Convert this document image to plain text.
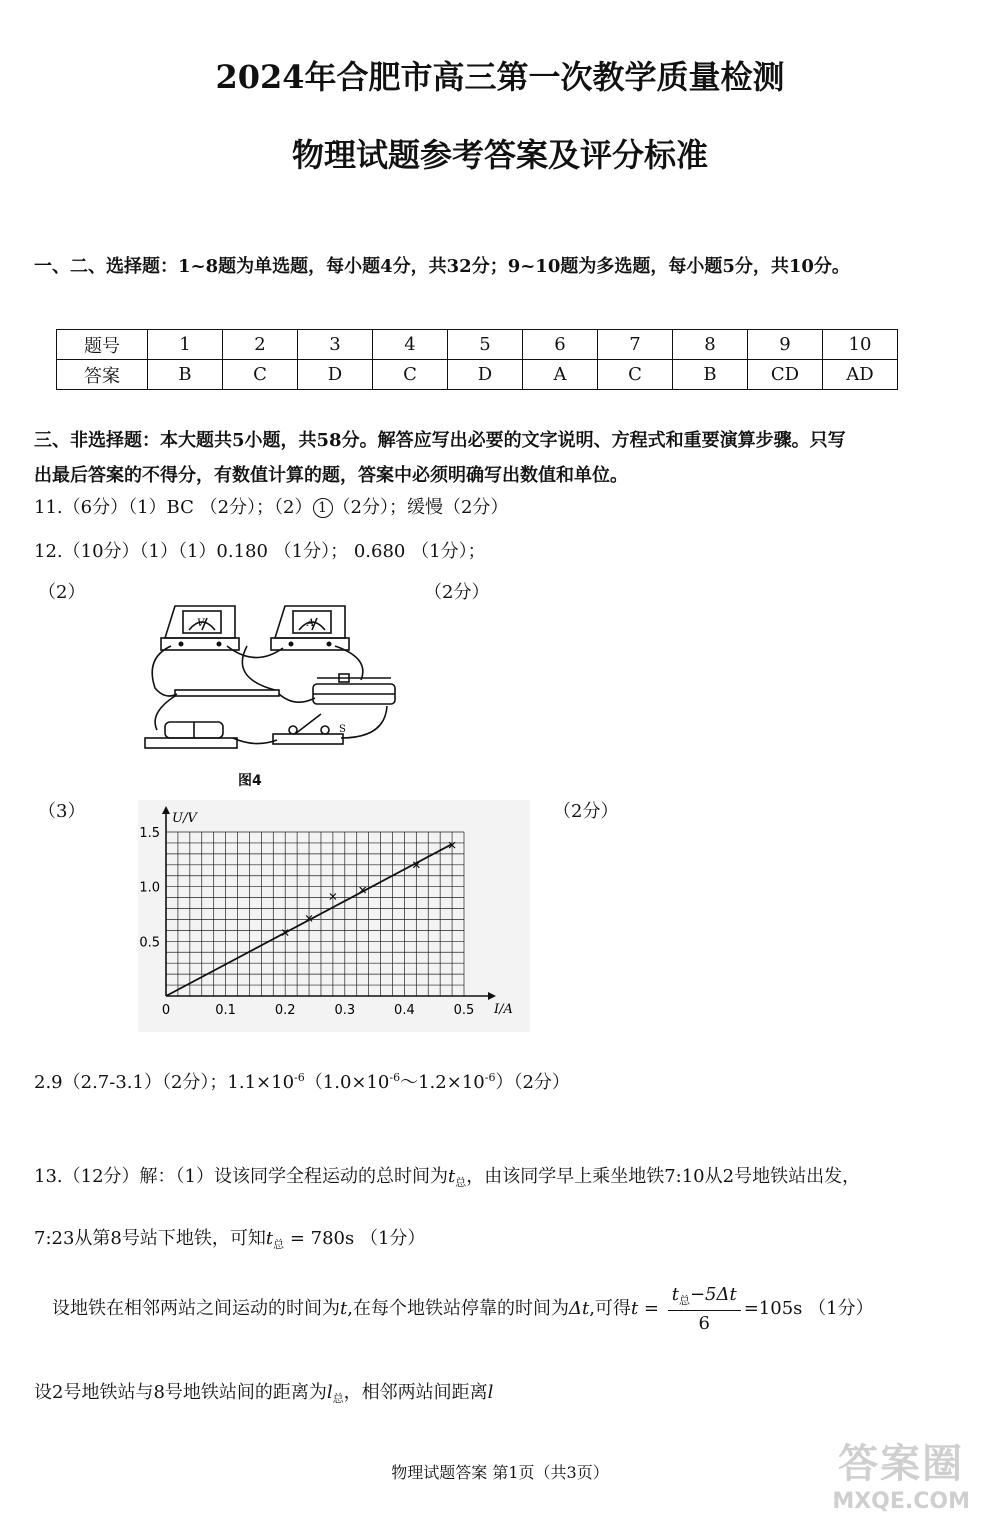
2024年合肥市高三第一次教学质量检测
物理试题参考答案及评分标准
一、二、选择题：1~8题为单选题，每小题4分，共32分；9~10题为多选题，每小题5分，共10分。
题号	1	2	3	4	5	6	7	8	9	10
答案	B	C	D	C	D	A	C	B	CD	AD
三、非选择题：本大题共5小题，共58分。解答应写出必要的文字说明、方程式和重要演算步骤。只写
出最后答案的不得分，有数值计算的题，答案中必须明确写出数值和单位。
11.（6分）（1）BC （2分）；（2） 1 （2分）；缓慢（2分）
12.（10分）（1）（1）0.180 （1分）； 0.680 （1分）；
（2）	（2分）
V	A
S
图4
（3）	（2分）
0	0.1	0.2	0.3	0.4	0.5
0.5
1.0
1.5
U/V
I/A
2.9（2.7-3.1）（2分）；$1.1\times 10^{-6}(1.0\times 10^{-6}\sim 1.2\times 10^{-6})(2$分）
13.（12分）解：（1）设该同学全程运动的总时间为$t_总$，由该同学早上乘坐地铁7:10从2号地铁站出发，
7:23从第8号站下地铁，可知$t_总 = 780s$ （1分）
设地铁在相邻两站之间运动的时间为t,在每个地铁站停靠的时间为Δt,可得$t = \frac{t_总-5\Delta t}{6} =105s$ （1分）
设2号地铁站与8号地铁站间的距离为$l_总$，相邻两站间距离l
物理试题答案 第1页（共3页）	答案圈
MXQE.COM
